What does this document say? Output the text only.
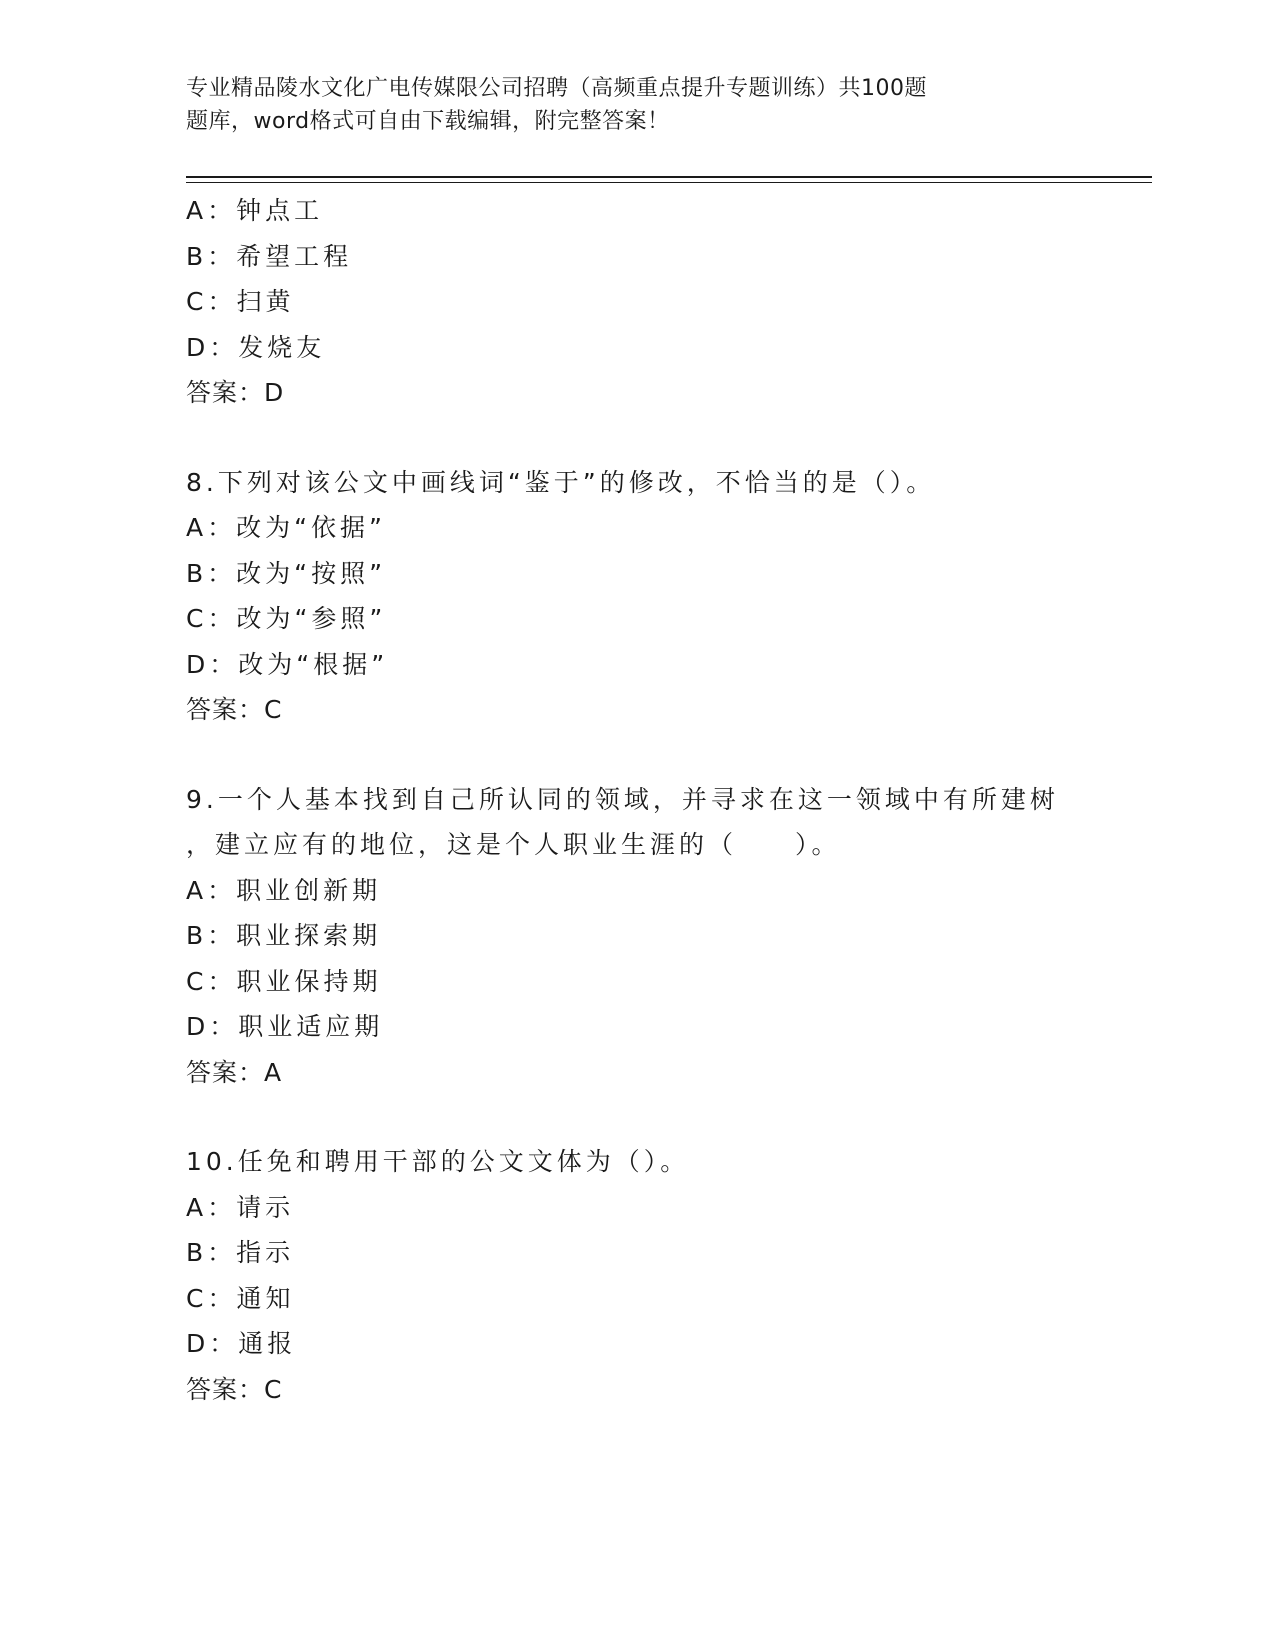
专业精品陵水文化广电传媒限公司招聘（高频重点提升专题训练）共100题
题库，word格式可自由下载编辑，附完整答案！
A：钟点工
B：希望工程
C：扫黄
D：发烧友
答案：D
8.下列对该公文中画线词“鉴于”的修改，不恰当的是（）。
A：改为“依据”
B：改为“按照”
C：改为“参照”
D：改为“根据”
答案：C
9.一个人基本找到自己所认同的领域，并寻求在这一领域中有所建树
，建立应有的地位，这是个人职业生涯的（　　）。
A：职业创新期
B：职业探索期
C：职业保持期
D：职业适应期
答案：A
10.任免和聘用干部的公文文体为（）。
A：请示
B：指示
C：通知
D：通报
答案：C
